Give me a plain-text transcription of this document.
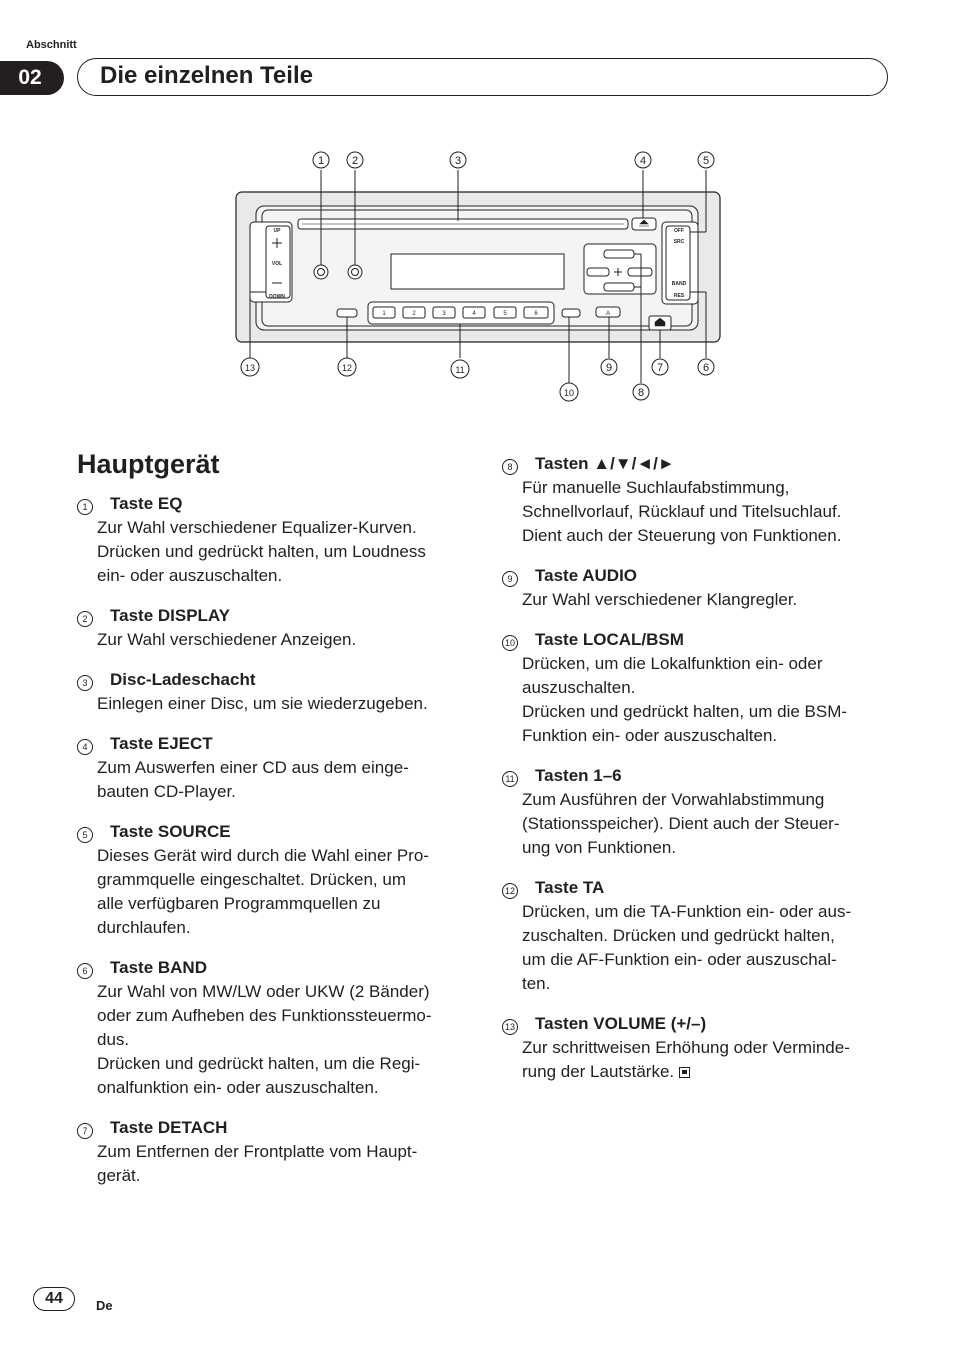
Abschnitt
02	Die einzelnen Teile
UP
VOL
DOWN
OFF
SRC
BAND
RES
1	2	3	4	5	6	A
1	2	3	4	5
6
7
8
9
10
11
12
13
Hauptgerät
1	Taste EQ

Zur Wahl verschiedener Equalizer-Kurven.

Drücken und gedrückt halten, um Loudness

ein- oder auszuschalten.

2	Taste DISPLAY

Zur Wahl verschiedener Anzeigen.

3	Disc-Ladeschacht

Einlegen einer Disc, um sie wiederzugeben.

4	Taste EJECT

Zum Auswerfen einer CD aus dem einge-

bauten CD-Player.

5	Taste SOURCE

Dieses Gerät wird durch die Wahl einer Pro-

grammquelle eingeschaltet. Drücken, um

alle verfügbaren Programmquellen zu

durchlaufen.

6	Taste BAND

Zur Wahl von MW/LW oder UKW (2 Bänder)

oder zum Aufheben des Funktionssteuermo-

dus.

Drücken und gedrückt halten, um die Regi-

onalfunktion ein- oder auszuschalten.

7	Taste DETACH

Zum Entfernen der Frontplatte vom Haupt-

gerät.

8	Tasten ▲/▼/◄/►

Für manuelle Suchlaufabstimmung,

Schnellvorlauf, Rücklauf und Titelsuchlauf.

Dient auch der Steuerung von Funktionen.

9	Taste AUDIO

Zur Wahl verschiedener Klangregler.

10 Taste LOCAL/BSM

Drücken, um die Lokalfunktion ein- oder

auszuschalten.

Drücken und gedrückt halten, um die BSM-

Funktion ein- oder auszuschalten.

11 Tasten 1–6

Zum Ausführen der Vorwahlabstimmung

(Stationsspeicher). Dient auch der Steuer-

ung von Funktionen.

12 Taste TA

Drücken, um die TA-Funktion ein- oder aus-

zuschalten. Drücken und gedrückt halten,

um die AF-Funktion ein- oder auszuschal-

ten.

13 Tasten VOLUME (+/–)

Zur schrittweisen Erhöhung oder Verminde-

rung der Lautstärke.

44	De
